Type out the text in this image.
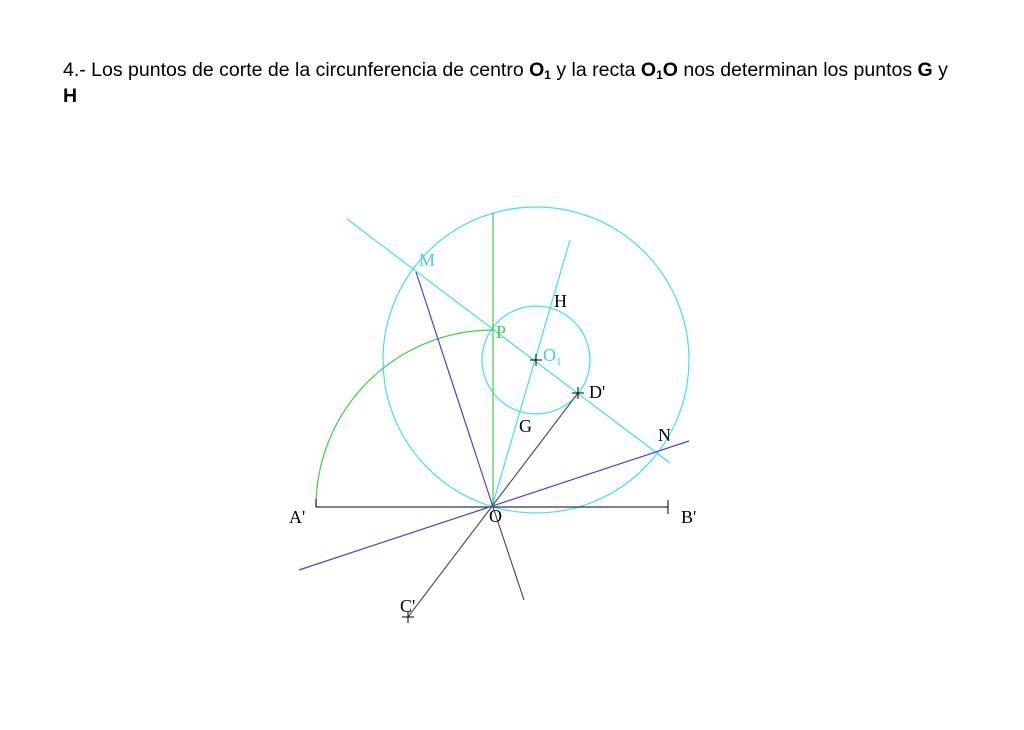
4.- Los puntos de corte de la circunferencia de centro $O_1$ y la recta $O_1O$ nos determinan los puntos G y H
M
H
P
$O_1$
D'
G	N
A'	O	B'
C'
